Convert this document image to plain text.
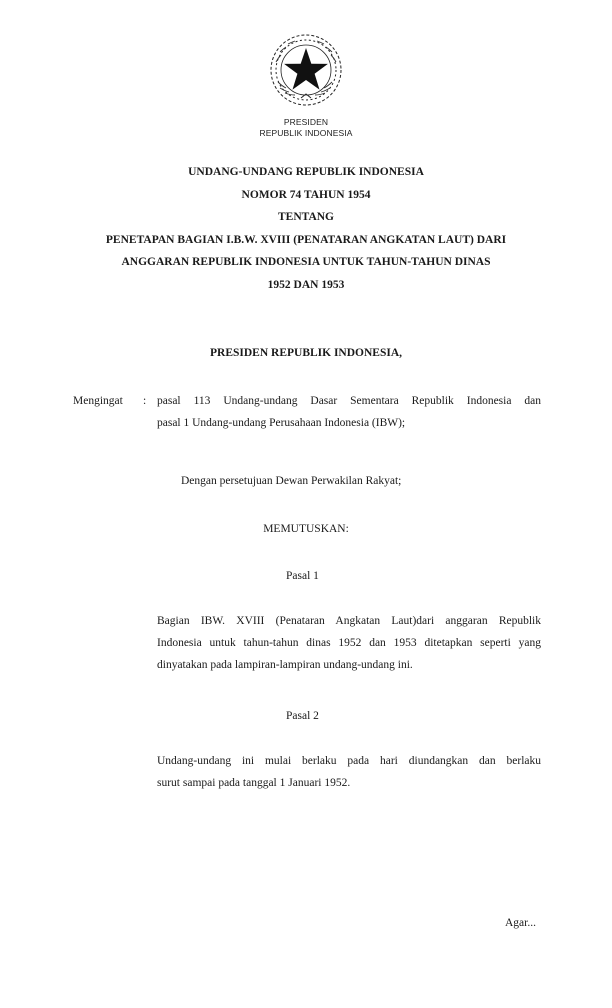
PRESIDEN
REPUBLIK INDONESIA
UNDANG-UNDANG REPUBLIK INDONESIA
NOMOR 74 TAHUN 1954
TENTANG
PENETAPAN BAGIAN I.B.W. XVIII (PENATARAN ANGKATAN LAUT) DARI
ANGGARAN REPUBLIK INDONESIA UNTUK TAHUN-TAHUN DINAS
1952 DAN 1953
PRESIDEN REPUBLIK INDONESIA,
Mengingat : pasal 113 Undang-undang Dasar Sementara Republik Indonesia dan
pasal 1 Undang-undang Perusahaan Indonesia (IBW);
Dengan persetujuan Dewan Perwakilan Rakyat;
MEMUTUSKAN:
Pasal 1
Bagian IBW. XVIII (Penataran Angkatan Laut)dari anggaran Republik
Indonesia untuk tahun-tahun dinas 1952 dan 1953 ditetapkan seperti yang
dinyatakan pada lampiran-lampiran undang-undang ini.
Pasal 2
Undang-undang ini mulai berlaku pada hari diundangkan dan berlaku
surut sampai pada tanggal 1 Januari 1952.
Agar...
